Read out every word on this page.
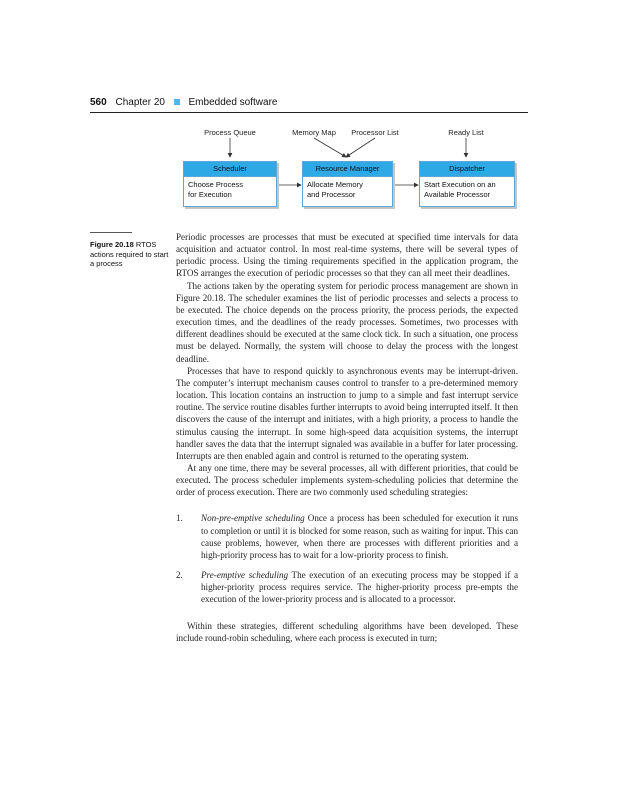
560 Chapter 20 Embedded software
Process Queue	Memory Map	Processor List	Ready List
Scheduler
Choose Process
for Execution
Resource Manager
Allocate Memory
and Processor
Dispatcher
Start Execution on an
Available Processor
Figure 20.18 RTOS actions required to start a process

Periodic processes are processes that must be executed at specified time intervals for data acquisition and actuator control. In most real-time systems, there will be several types of periodic process. Using the timing requirements specified in the application program, the RTOS arranges the execution of periodic processes so that they can all meet their deadlines.

The actions taken by the operating system for periodic process management are shown in Figure 20.18. The scheduler examines the list of periodic processes and selects a process to be executed. The choice depends on the process priority, the process periods, the expected execution times, and the deadlines of the ready processes. Sometimes, two processes with different deadlines should be executed at the same clock tick. In such a situation, one process must be delayed. Normally, the system will choose to delay the process with the longest deadline.

Processes that have to respond quickly to asynchronous events may be interrupt-driven. The computer’s interrupt mechanism causes control to transfer to a pre-determined memory location. This location contains an instruction to jump to a simple and fast interrupt service routine. The service routine disables further interrupts to avoid being interrupted itself. It then discovers the cause of the interrupt and initiates, with a high priority, a process to handle the stimulus causing the interrupt. In some high-speed data acquisition systems, the interrupt handler saves the data that the interrupt signaled was available in a buffer for later processing. Interrupts are then enabled again and control is returned to the operating system.

At any one time, there may be several processes, all with different priorities, that could be executed. The process scheduler implements system-scheduling policies that determine the order of process execution. There are two commonly used scheduling strategies:

1. Non-pre-emptive scheduling Once a process has been scheduled for execution it runs to completion or until it is blocked for some reason, such as waiting for input. This can cause problems, however, when there are processes with different priorities and a high-priority process has to wait for a low-priority process to finish.
2. Pre-emptive scheduling The execution of an executing process may be stopped if a higher-priority process requires service. The higher-priority process pre-empts the execution of the lower-priority process and is allocated to a processor.

Within these strategies, different scheduling algorithms have been developed. These include round-robin scheduling, where each process is executed in turn;
